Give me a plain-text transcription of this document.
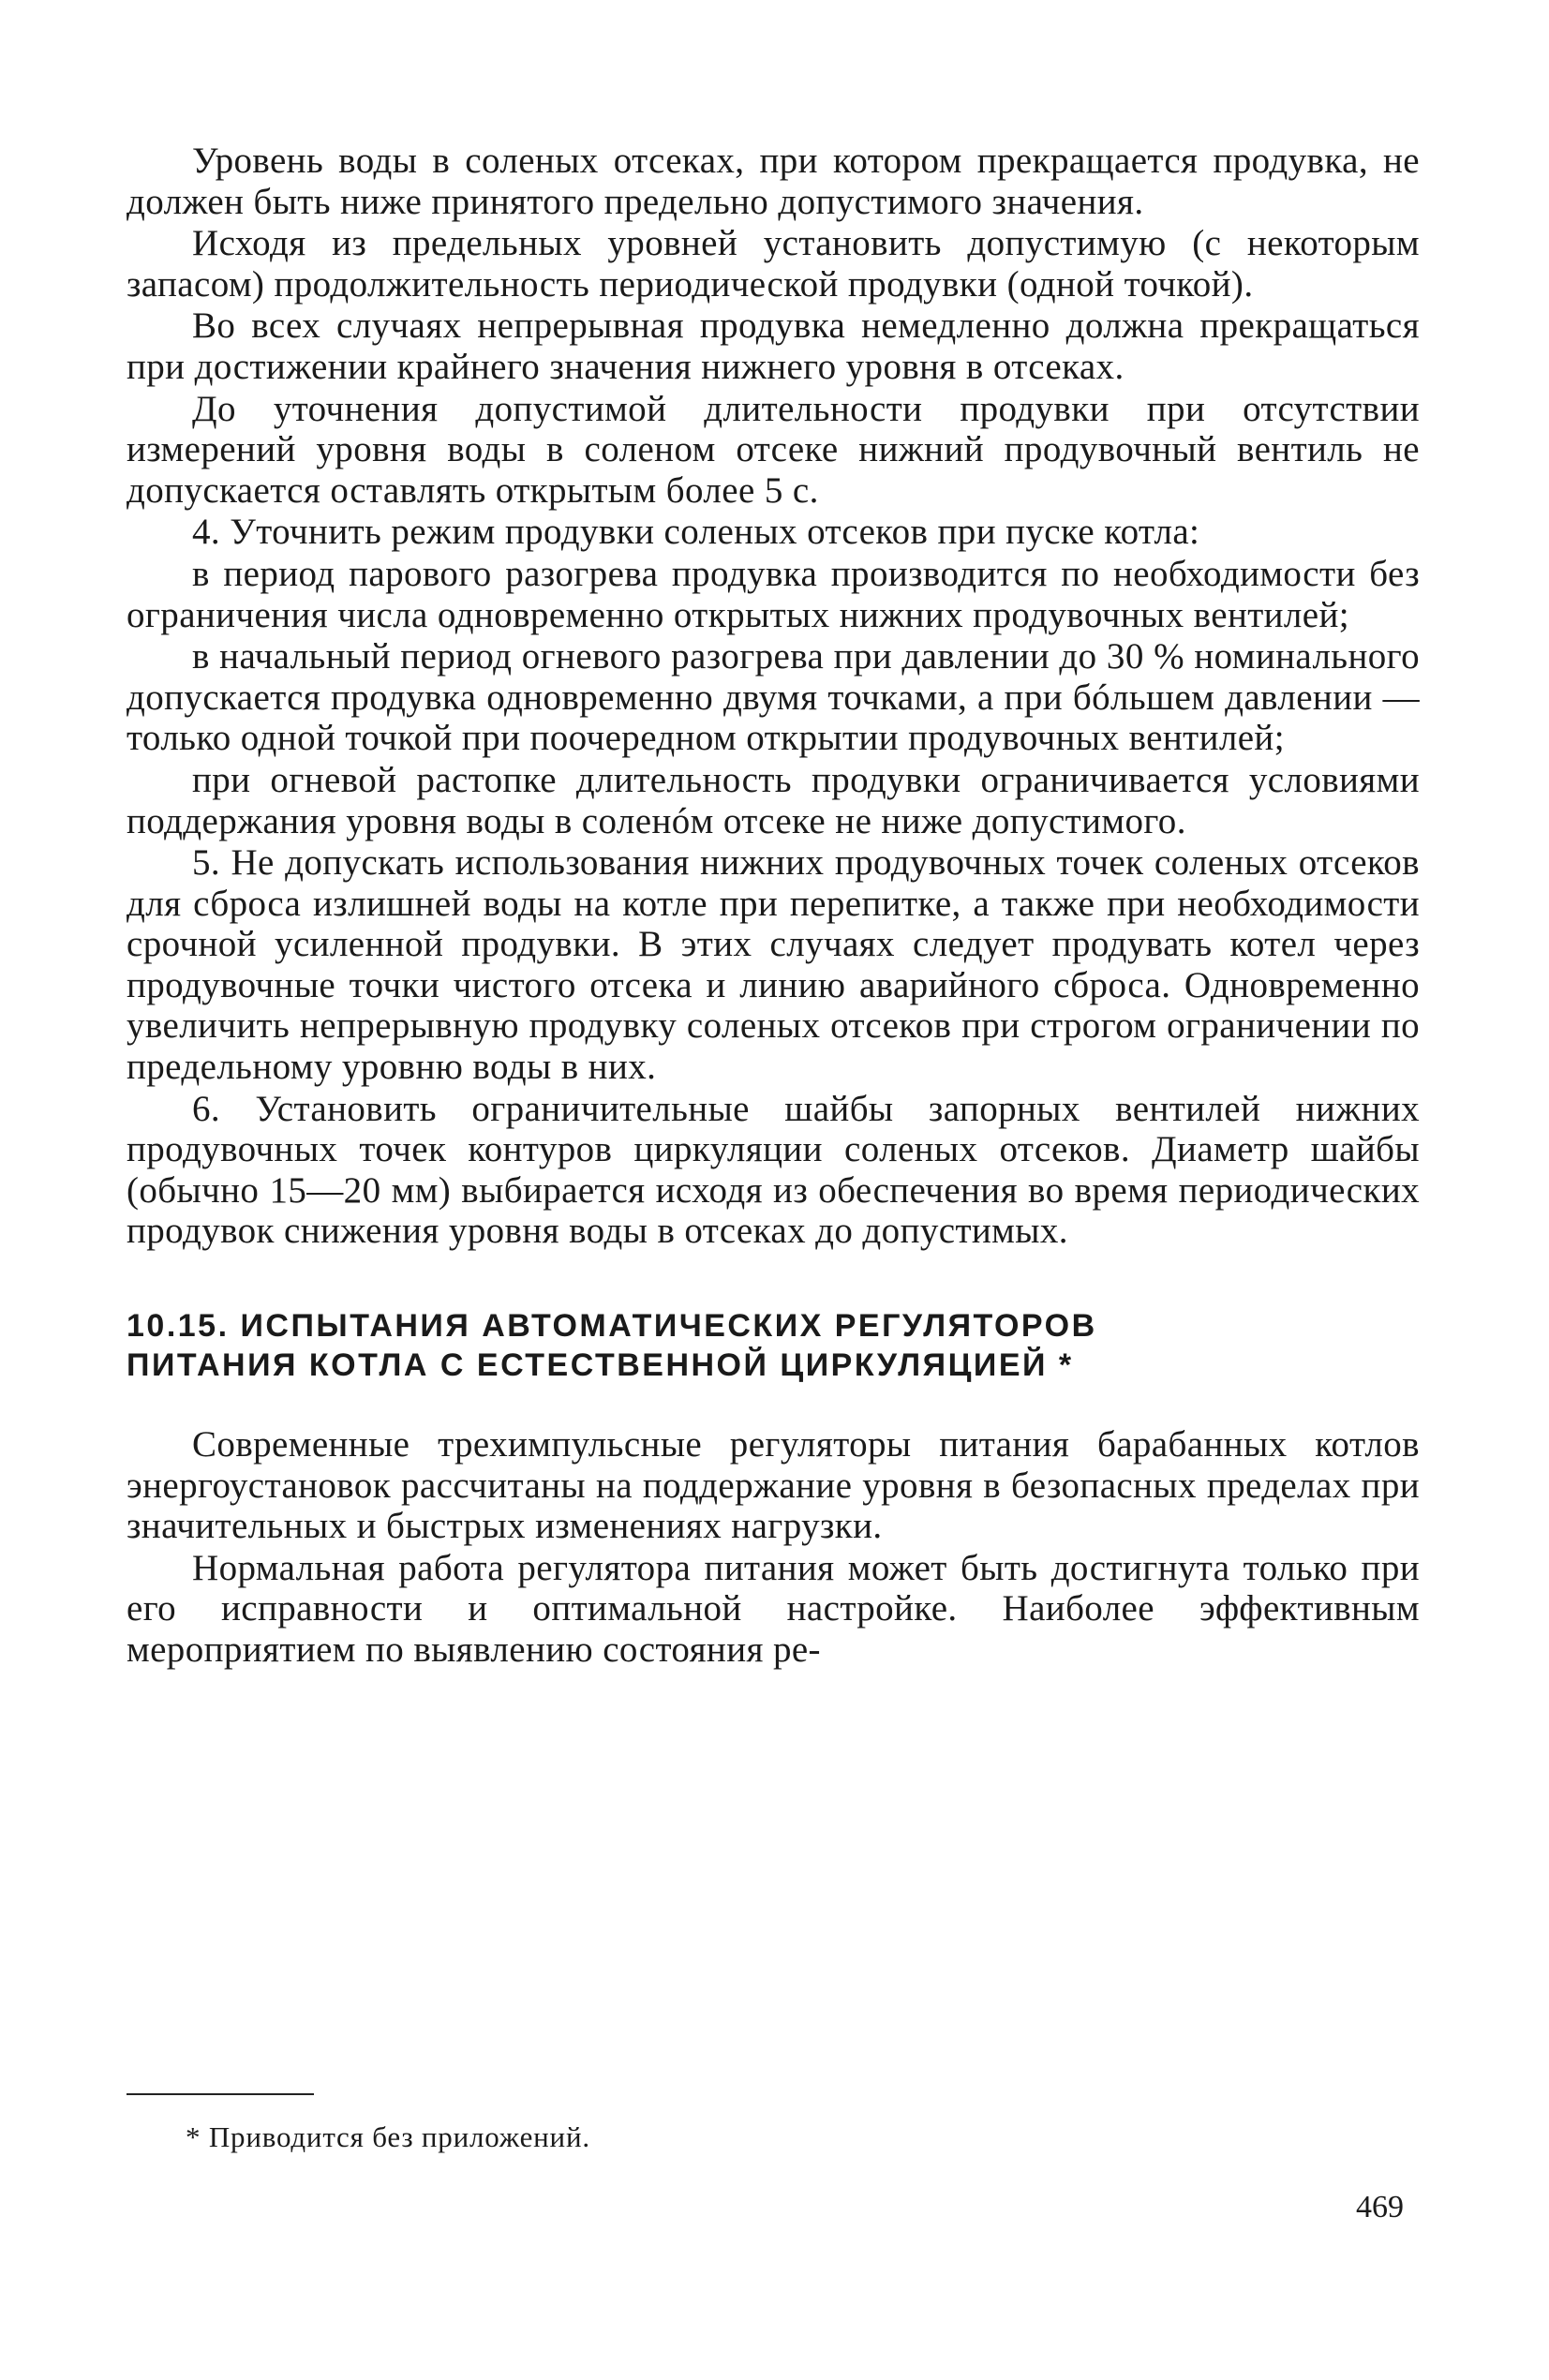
Уровень воды в соленых отсеках, при котором прекращается продувка, не должен быть ниже принятого предельно допустимого значения.

Исходя из предельных уровней установить допустимую (с некоторым запасом) продолжительность периодической продувки (одной точкой).

Во всех случаях непрерывная продувка немедленно должна прекращаться при достижении крайнего значения нижнего уровня в отсеках.

До уточнения допустимой длительности продувки при отсутствии измерений уровня воды в соленом отсеке нижний продувочный вентиль не допускается оставлять открытым более 5 с.

4. Уточнить режим продувки соленых отсеков при пуске котла:

в период парового разогрева продувка производится по необходимости без ограничения числа одновременно открытых нижних продувочных вентилей;

в начальный период огневого разогрева при давлении до 30 % номинального допускается продувка одновременно двумя точками, а при бóльшем давлении — только одной точкой при поочередном открытии продувочных вентилей;

при огневой растопке длительность продувки ограничивается условиями поддержания уровня воды в соленóм отсеке не ниже допустимого.

5. Не допускать использования нижних продувочных точек соленых отсеков для сброса излишней воды на котле при перепитке, а также при необходимости срочной усиленной продувки. В этих случаях следует продувать котел через продувочные точки чистого отсека и линию аварийного сброса. Одновременно увеличить непрерывную продувку соленых отсеков при строгом ограничении по предельному уровню воды в них.

6. Установить ограничительные шайбы запорных вентилей нижних продувочных точек контуров циркуляции соленых отсеков. Диаметр шайбы (обычно 15—20 мм) выбирается исходя из обеспечения во время периодических продувок снижения уровня воды в отсеках до допустимых.

10.15. ИСПЫТАНИЯ АВТОМАТИЧЕСКИХ РЕГУЛЯТОРОВ
ПИТАНИЯ КОТЛА С ЕСТЕСТВЕННОЙ ЦИРКУЛЯЦИЕЙ *

Современные трехимпульсные регуляторы питания барабанных котлов энергоустановок рассчитаны на поддержание уровня в безопасных пределах при значительных и быстрых изменениях нагрузки.

Нормальная работа регулятора питания может быть достигнута только при его исправности и оптимальной настройке. Наиболее эффективным мероприятием по выявлению состояния ре-

* Приводится без приложений.
469
